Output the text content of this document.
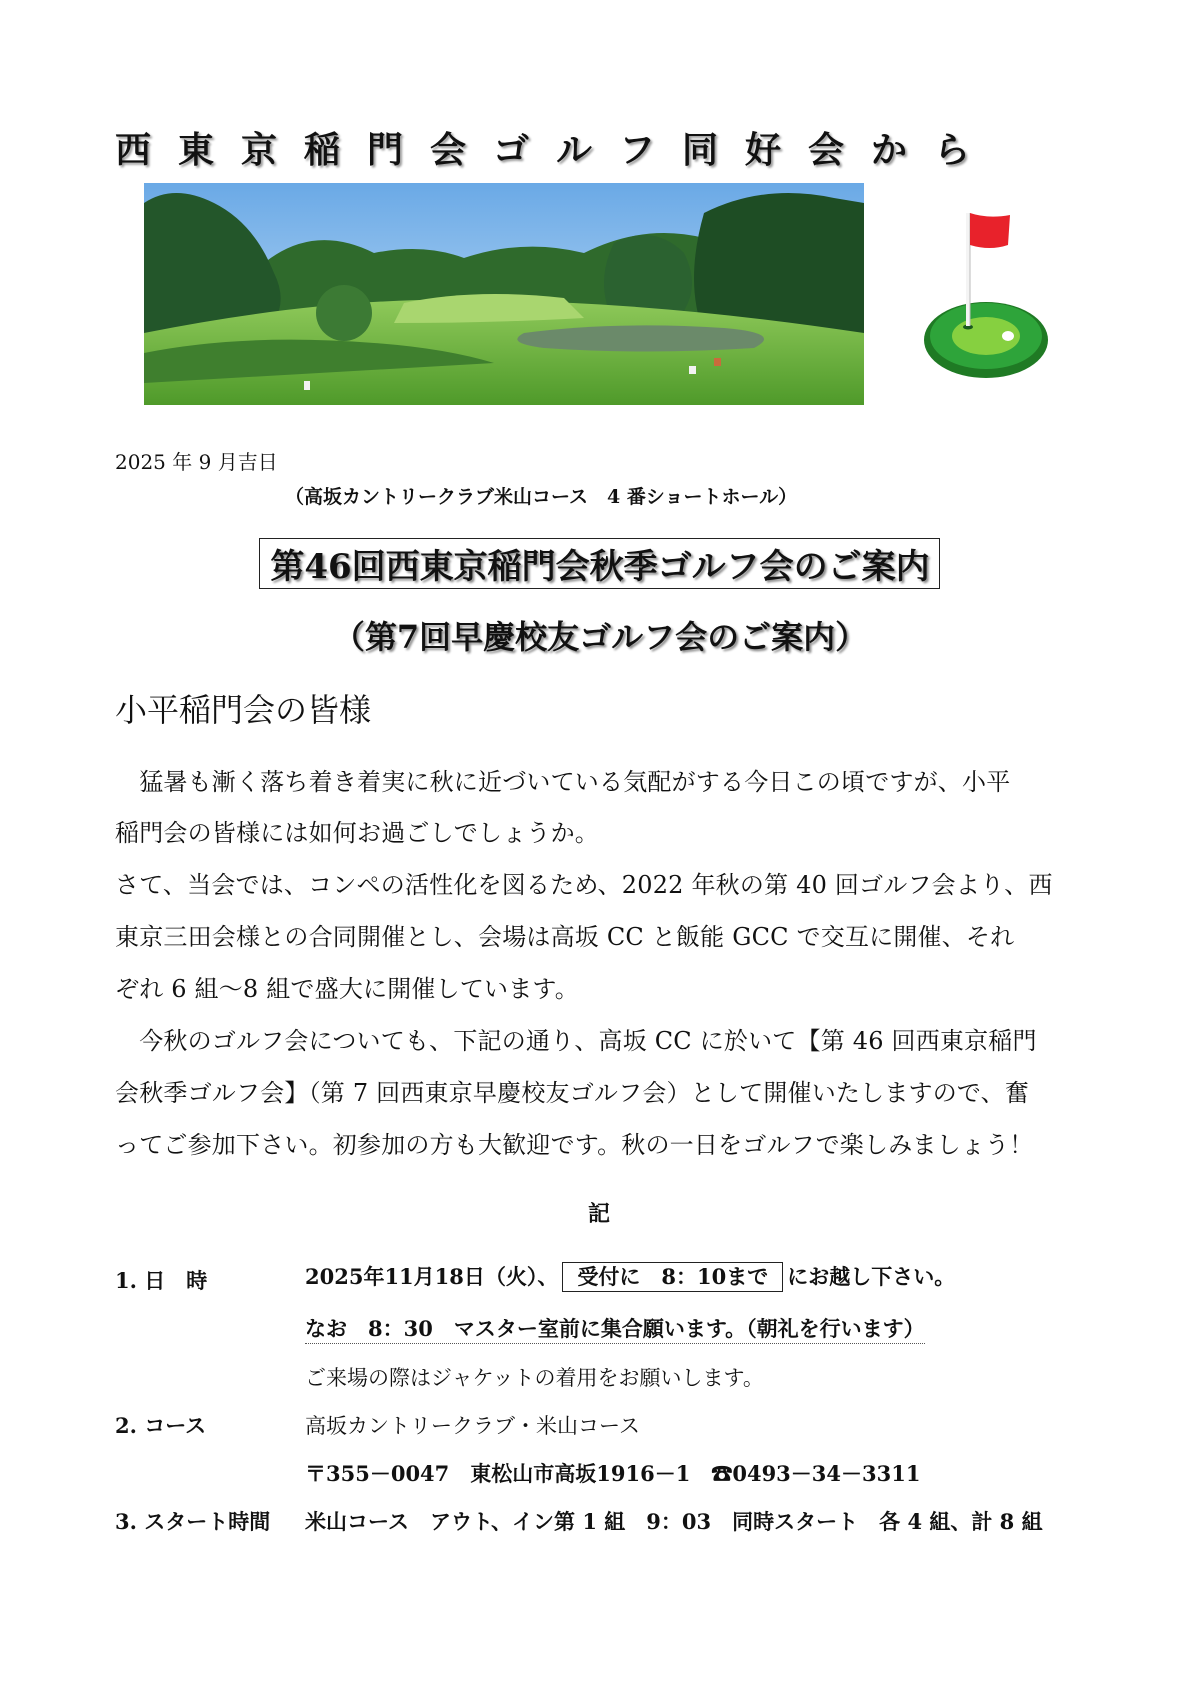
西東京稲門会ゴルフ同好会から
2025 年 9 月吉日
（高坂カントリークラブ米山コース　4 番ショートホール）
第46回西東京稲門会秋季ゴルフ会のご案内
（第7回早慶校友ゴルフ会のご案内）
小平稲門会の皆様
　猛暑も漸く落ち着き着実に秋に近づいている気配がする今日この頃ですが、小平
稲門会の皆様には如何お過ごしでしょうか。
さて、当会では、コンペの活性化を図るため、2022 年秋の第 40 回ゴルフ会より、西
東京三田会様との合同開催とし、会場は高坂 CC と飯能 GCC で交互に開催、それ
ぞれ 6 組～8 組で盛大に開催しています。
　今秋のゴルフ会についても、下記の通り、高坂 CC に於いて【第 46 回西東京稲門
会秋季ゴルフ会】（第 7 回西東京早慶校友ゴルフ会）として開催いたしますので、奮
ってご参加下さい。初参加の方も大歓迎です。秋の一日をゴルフで楽しみましょう！
記
1. 日　時	2025年11月18日（火）、 受付に　8：10まで にお越し下さい。
なお　8：30　マスター室前に集合願います。（朝礼を行います）
ご来場の際はジャケットの着用をお願いします。
2. コース	高坂カントリークラブ・米山コース
〒355－0047　東松山市高坂1916－1　☎0493－34－3311
3. スタート時間 米山コース　アウト、イン第 1 組　9：03　同時スタート　各 4 組、計 8 組
